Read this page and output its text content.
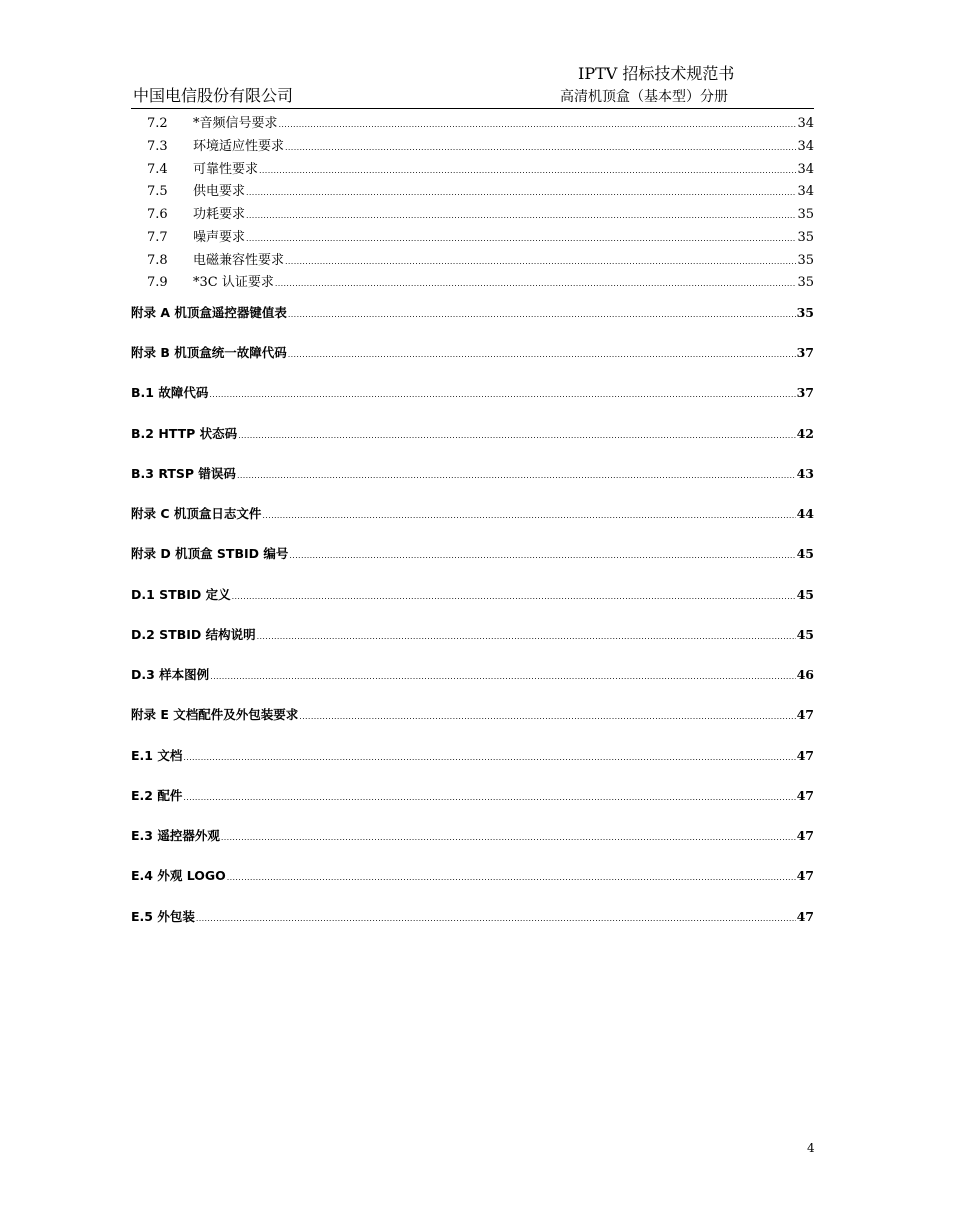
中国电信股份有限公司
IPTV 招标技术规范书
高清机顶盒（基本型）分册
7.2	*音频信号要求 .....	34
7.3	环境适应性要求 .....	34
7.4	可靠性要求 .....	34
7.5	供电要求 .....	34
7.6	功耗要求 .....	35
7.7	噪声要求 .....	35
7.8	电磁兼容性要求 .....	35
7.9	*3C 认证要求 .....	35
附录 A 机顶盒遥控器键值表 .....	35
附录 B 机顶盒统一故障代码 .....	37
B.1 故障代码 .....	37
B.2 HTTP 状态码 .....	42
B.3 RTSP 错误码 .....	43
附录 C 机顶盒日志文件 .....	44
附录 D 机顶盒 STBID 编号 .....	45
D.1 STBID 定义 .....	45
D.2 STBID 结构说明 .....	45
D.3 样本图例 .....	46
附录 E 文档配件及外包装要求 .....	47
E.1 文档 .....	47
E.2 配件 .....	47
E.3 遥控器外观 .....	47
E.4 外观 LOGO .....	47
E.5 外包装 .....	47
4
